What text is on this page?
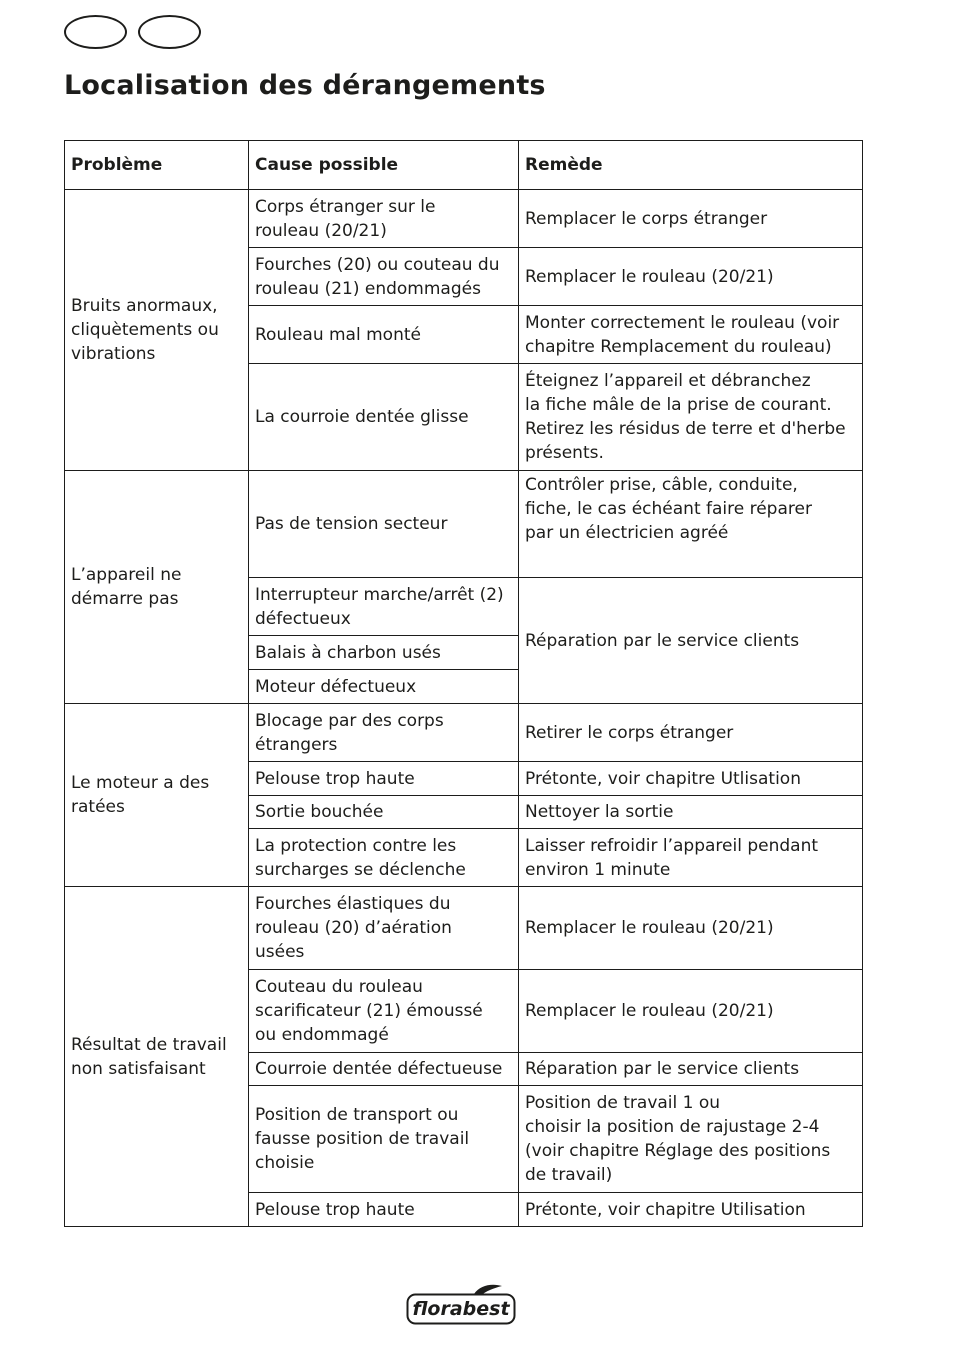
Localisation des dérangements
Problème	Cause possible	Remède
Bruits anormaux,
cliquètements ou
vibrations	Corps étranger sur le
rouleau (20/21)	Remplacer le corps étranger
	Fourches (20) ou couteau du
rouleau (21) endommagés	Remplacer le rouleau (20/21)
	Rouleau mal monté	Monter correctement le rouleau (voir
chapitre Remplacement du rouleau)
	La courroie dentée glisse	Éteignez l’appareil et débranchez
la fiche mâle de la prise de courant.
Retirez les résidus de terre et d'herbe
présents.
L’appareil ne
démarre pas	Pas de tension secteur	Contrôler prise, câble, conduite,
fiche, le cas échéant faire réparer
par un électricien agréé
	Interrupteur marche/arrêt (2)
défectueux	Réparation par le service clients
	Balais à charbon usés	
	Moteur défectueux	
Le moteur a des
ratées	Blocage par des corps
étrangers	Retirer le corps étranger
	Pelouse trop haute	Prétonte, voir chapitre Utlisation
	Sortie bouchée	Nettoyer la sortie
	La protection contre les
surcharges se déclenche	Laisser refroidir l’appareil pendant
environ 1 minute
Résultat de travail
non satisfaisant	Fourches élastiques du
rouleau (20) d’aération
usées	Remplacer le rouleau (20/21)
	Couteau du rouleau
scarificateur (21) émoussé
ou endommagé	Remplacer le rouleau (20/21)
	Courroie dentée défectueuse	Réparation par le service clients
	Position de transport ou
fausse position de travail
choisie	Position de travail 1 ou
choisir la position de rajustage 2-4
(voir chapitre Réglage des positions
de travail)
	Pelouse trop haute	Prétonte, voir chapitre Utilisation
florabest
